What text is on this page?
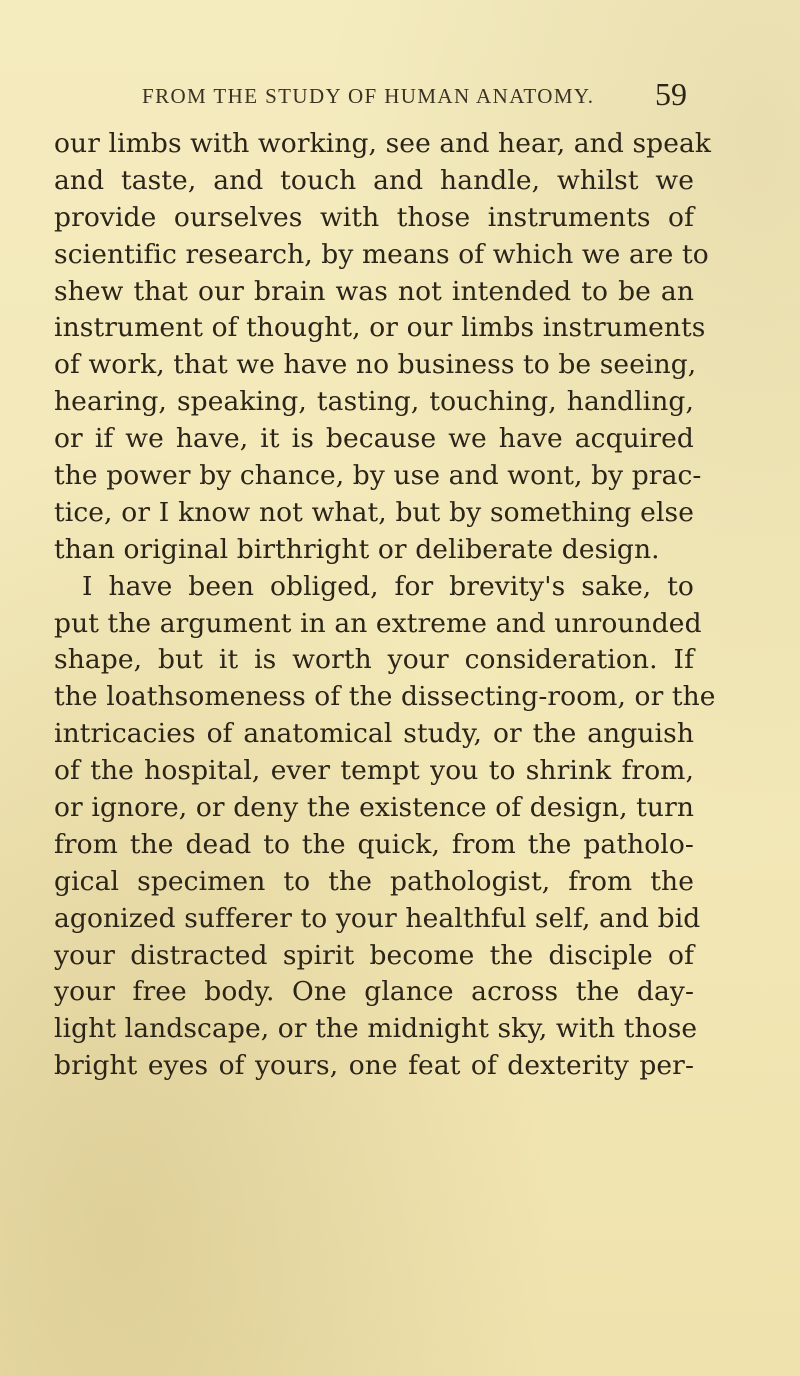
FROM THE STUDY OF HUMAN ANATOMY. 59
our limbs with working, see and hear, and speak
and taste, and touch and handle, whilst we
provide ourselves with those instruments of
scientific research, by means of which we are to
shew that our brain was not intended to be an
instrument of thought, or our limbs instruments
of work, that we have no business to be seeing,
hearing, speaking, tasting, touching, handling,
or if we have, it is because we have acquired
the power by chance, by use and wont, by prac-
tice, or I know not what, but by something else
than original birthright or deliberate design.
I have been obliged, for brevity's sake, to
put the argument in an extreme and unrounded
shape, but it is worth your consideration. If
the loathsomeness of the dissecting-room, or the
intricacies of anatomical study, or the anguish
of the hospital, ever tempt you to shrink from,
or ignore, or deny the existence of design, turn
from the dead to the quick, from the patholo-
gical specimen to the pathologist, from the
agonized sufferer to your healthful self, and bid
your distracted spirit become the disciple of
your free body. One glance across the day-
light landscape, or the midnight sky, with those
bright eyes of yours, one feat of dexterity per-
